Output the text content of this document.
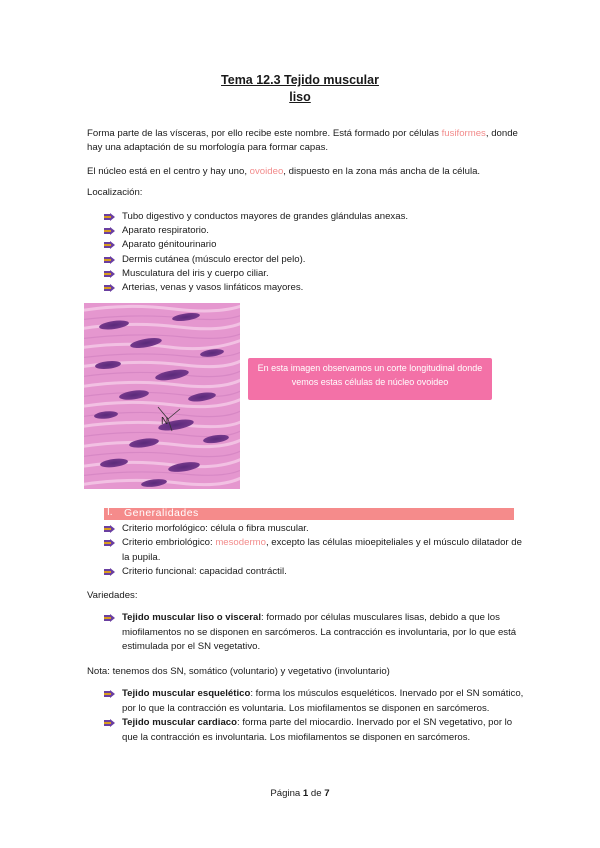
Tema 12.3 Tejido muscular
liso
Forma parte de las vísceras, por ello recibe este nombre. Está formado por células fusiformes, donde hay una adaptación de su morfología para formar capas.
El núcleo está en el centro y hay uno, ovoideo, dispuesto en la zona más ancha de la célula.
Localización:
Tubo digestivo y conductos mayores de grandes glándulas anexas.
Aparato respiratorio.
Aparato génitourinario
Dermis cutánea (músculo erector del pelo).
Musculatura del iris y cuerpo ciliar.
Arterias, venas y vasos linfáticos mayores.
N
En esta imagen observamos un corte longitudinal donde vemos estas células de núcleo ovoideo
I. Generalidades
Criterio morfológico: célula o fibra muscular.
Criterio embriológico: mesodermo, excepto las células mioepiteliales y el músculo dilatador de la pupila.
Criterio funcional: capacidad contráctil.
Variedades:
Tejido muscular liso o visceral: formado por células musculares lisas, debido a que los miofilamentos no se disponen en sarcómeros. La contracción es involuntaria, por lo que está estimulada por el SN vegetativo.
Nota: tenemos dos SN, somático (voluntario) y vegetativo (involuntario)
Tejido muscular esquelético: forma los músculos esqueléticos. Inervado por el SN somático, por lo que la contracción es voluntaria. Los miofilamentos se disponen en sarcómeros.
Tejido muscular cardiaco: forma parte del miocardio. Inervado por el SN vegetativo, por lo que la contracción es involuntaria. Los miofilamentos se disponen en sarcómeros.
Página 1 de 7
